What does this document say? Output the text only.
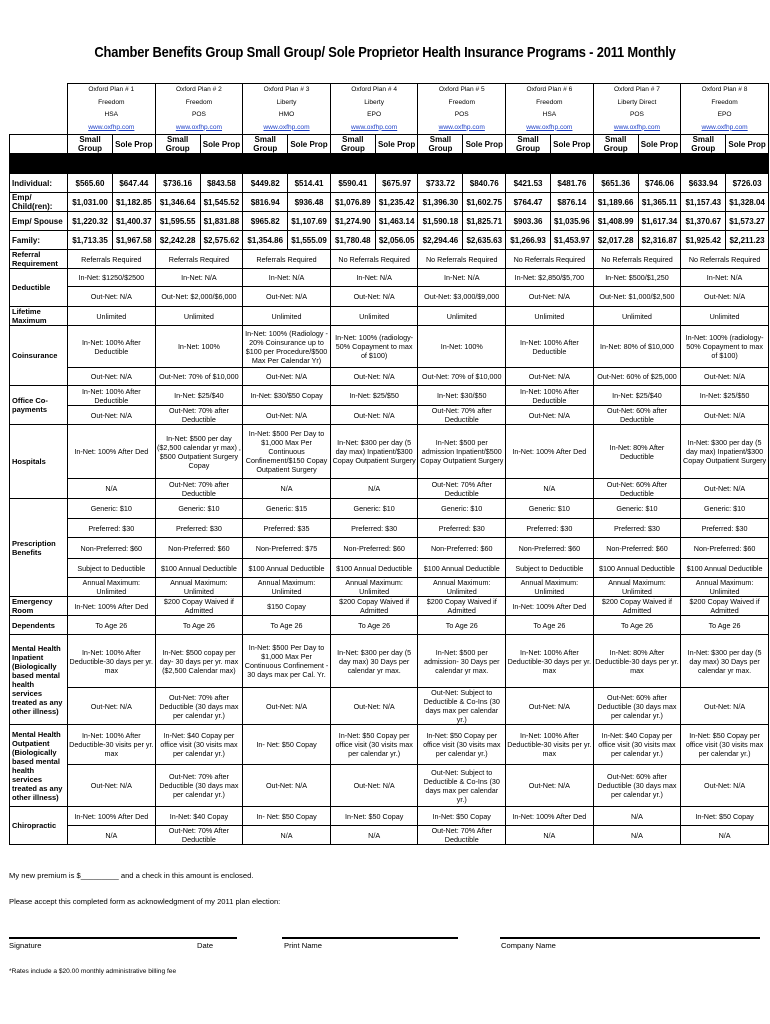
Chamber Benefits Group Small Group/ Sole Proprietor Health Insurance Programs - 2011 Monthly
	Oxford Plan # 1		Oxford Plan # 2		Oxford Plan # 3		Oxford Plan # 4		Oxford Plan # 5		Oxford Plan # 6		Oxford Plan # 7		Oxford Plan # 8	
	Freedom		Freedom		Liberty		Liberty		Freedom		Freedom		Liberty Direct		Freedom	
	HSA		POS		HMO		EPO		POS		HSA		POS		EPO	
	www.oxfhp.com		www.oxfhp.com		www.oxfhp.com		www.oxfhp.com		www.oxfhp.com		www.oxfhp.com		www.oxfhp.com		www.oxfhp.com	
	Small Group	Sole Prop	Small Group	Sole Prop	Small Group	Sole Prop	Small Group	Sole Prop	Small Group	Sole Prop	Small Group	Sole Prop	Small Group	Sole Prop	Small Group	Sole Prop

Individual:	$565.60	$647.44	$736.16	$843.58	$449.82	$514.41	$590.41	$675.97	$733.72	$840.76	$421.53	$481.76	$651.36	$746.06	$633.94	$726.03
Emp/ Child(ren):	$1,031.00	$1,182.85	$1,346.64	$1,545.52	$816.94	$936.48	$1,076.89	$1,235.42	$1,396.30	$1,602.75	$764.47	$876.14	$1,189.66	$1,365.11	$1,157.43	$1,328.04
Emp/ Spouse	$1,220.32	$1,400.37	$1,595.55	$1,831.88	$965.82	$1,107.69	$1,274.90	$1,463.14	$1,590.18	$1,825.71	$903.36	$1,035.96	$1,408.99	$1,617.34	$1,370.67	$1,573.27
Family:	$1,713.35	$1,967.58	$2,242.28	$2,575.62	$1,354.86	$1,555.09	$1,780.48	$2,056.05	$2,294.46	$2,635.63	$1,266.93	$1,453.97	$2,017.28	$2,316.87	$1,925.42	$2,211.23
Referral Requirement	Referrals Required		Referrals Required		Referrals Required		No Referrals Required		No Referrals Required		No Referrals Required		No Referrals Required		No Referrals Required	
Deductible	In-Net: $1250/$2500		In-Net: N/A		In-Net: N/A		In-Net: N/A		In-Net: N/A		In-Net: $2,850/$5,700		In-Net: $500/$1,250		In-Net: N/A	
	Out-Net: N/A		Out-Net: $2,000/$6,000		Out-Net: N/A		Out-Net: N/A		Out-Net: $3,000/$9,000		Out-Net: N/A		Out-Net: $1,000/$2,500		Out-Net: N/A	
Lifetime Maximum	Unlimited		Unlimited		Unlimited		Unlimited		Unlimited		Unlimited		Unlimited		Unlimited	
Coinsurance	In-Net: 100% After Deductible		In-Net: 100%		In-Net: 100% (Radiology - 20% Coinsurance up to $100 per Procedure/$500 Max Per Calendar Yr)		In-Net: 100% (radiology- 50% Copayment to max of $100)		In-Net: 100%		In-Net: 100% After Deductible		In-Net: 80% of $10,000		In-Net: 100% (radiology- 50% Copayment to max of $100)	
	Out-Net: N/A		Out-Net: 70% of $10,000		Out-Net: N/A		Out-Net: N/A		Out-Net: 70% of $10,000		Out-Net: N/A		Out-Net: 60% of $25,000		Out-Net: N/A	
Office Co-payments	In-Net: 100% After Deductible		In-Net: $25/$40		In-Net: $30/$50 Copay		In-Net: $25/$50		In-Net: $30/$50		In-Net: 100% After Deductible		In-Net: $25/$40		In-Net: $25/$50	
	Out-Net: N/A		Out-Net: 70% after Deductible		Out-Net: N/A		Out-Net: N/A		Out-Net: 70% after Deductible		Out-Net: N/A		Out-Net: 60% after Deductible		Out-Net: N/A	
Hospitals	In-Net: 100% After Ded		In-Net: $500 per day ($2,500 calendar yr max) , $500 Outpatient Surgery Copay		In-Net: $500 Per Day to $1,000 Max Per Continuous Confinement/$150 Copay Outpatient Surgery		In-Net: $300 per day (5 day max) Inpatient/$300 Copay Outpatient Surgery		In-Net: $500 per admission Inpatient/$500 Copay Outpatient Surgery		In-Net: 100% After Ded		In-Net: 80% After Deductible		In-Net: $300 per day (5 day max) Inpatient/$300 Copay Outpatient Surgery	
	N/A		Out-Net: 70% after Deductible		N/A		N/A		Out-Net: 70% After Deductible		N/A		Out-Net: 60% After Deductible		Out-Net: N/A	
Prescription Benefits	Generic: $10		Generic: $10		Generic: $15		Generic: $10		Generic: $10		Generic: $10		Generic: $10		Generic: $10	
	Preferred: $30		Preferred: $30		Preferred: $35		Preferred: $30		Preferred: $30		Preferred: $30		Preferred: $30		Preferred: $30	
	Non-Preferred: $60		Non-Preferred: $60		Non-Preferred: $75		Non-Preferred: $60		Non-Preferred: $60		Non-Preferred: $60		Non-Preferred: $60		Non-Preferred: $60	
	Subject to Deductible		$100 Annual Deductible		$100 Annual Deductible		$100 Annual Deductible		$100 Annual Deductible		Subject to Deductible		$100 Annual Deductible		$100 Annual Deductible	
	Annual Maximum: Unlimited		Annual Maximum: Unlimited		Annual Maximum: Unlimited		Annual Maximum: Unlimited		Annual Maximum: Unlimited		Annual Maximum: Unlimited		Annual Maximum: Unlimited		Annual Maximum: Unlimited	
Emergency Room	In-Net: 100% After Ded		$200 Copay Waived if Admitted		$150 Copay		$200 Copay Waived if Admitted		$200 Copay Waived if Admitted		In-Net: 100% After Ded		$200 Copay Waived if Admitted		$200 Copay Waived if Admitted	
Dependents	To Age 26		To Age 26		To Age 26		To Age 26		To Age 26		To Age 26		To Age 26		To Age 26	
Mental Health Inpatient (Biologically based mental health services treated as any other illness)	In-Net: 100% After Deductible-30 days per yr. max		In-Net: $500 copay per day- 30 days per yr. max ($2,500 Calendar max)		In-Net: $500 Per Day to $1,000 Max Per Continuous Confinement - 30 days max per Cal. Yr.		In-Net: $300 per day (5 day max) 30 Days per calendar yr max.		In-Net: $500 per admission- 30 Days per calendar yr max.		In-Net: 100% After Deductible-30 days per yr. max		In-Net: 80% After Deductible-30 days per yr. max		In-Net: $300 per day (5 day max) 30 Days per calendar yr max.	
	Out-Net: N/A		Out-Net: 70% after Deductible (30 days max per calendar yr.)		Out-Net: N/A		Out-Net: N/A		Out-Net: Subject to Deductible & Co-Ins (30 days max per calendar yr.)		Out-Net: N/A		Out-Net: 60% after Deductible (30 days max per calendar yr.)		Out-Net: N/A	
Mental Health Outpatient (Biologically based mental health services treated as any other illness)	In-Net: 100% After Deductible-30 visits per yr. max		In-Net: $40 Copay per office visit (30 visits max per calendar yr.)		In- Net: $50 Copay		In-Net: $50 Copay per office visit (30 visits max per calendar yr.)		In-Net: $50 Copay per office visit (30 visits max per calendar yr.)		In-Net: 100% After Deductible-30 visits per yr. max		In-Net: $40 Copay per office visit (30 visits max per calendar yr.)		In-Net: $50 Copay per office visit (30 visits max per calendar yr.)	
	Out-Net: N/A		Out-Net: 70% after Deductible (30 days max per calendar yr.)		Out-Net: N/A		Out-Net: N/A		Out-Net: Subject to Deductible & Co-Ins (30 days max per calendar yr.)		Out-Net: N/A		Out-Net: 60% after Deductible (30 days max per calendar yr.)		Out-Net: N/A	
Chiropractic	In-Net: 100% After Ded		In-Net: $40 Copay		In- Net: $50 Copay		In-Net: $50 Copay		In-Net: $50 Copay		In-Net: 100% After Ded		N/A		In-Net: $50 Copay	
	N/A		Out-Net: 70% After Deductible		N/A		N/A		Out-Net: 70% After Deductible		N/A		N/A		N/A	
My new premium is $_________ and a check in this amount is enclosed.
Please accept this completed form as acknowledgment of my 2011 plan election:
Signature	Date	Print Name	Company Name
*Rates include a $20.00 monthly administrative billing fee
